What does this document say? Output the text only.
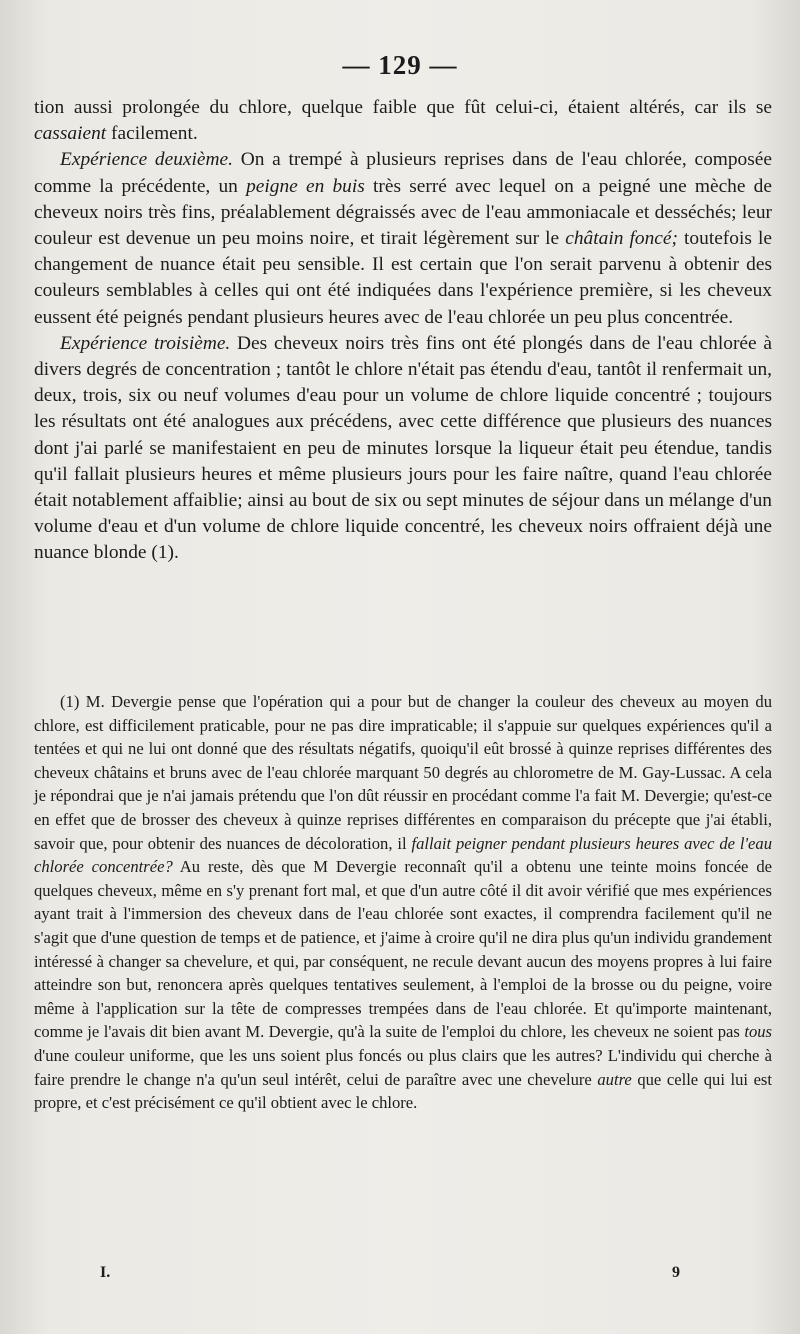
— 129 —

tion aussi prolongée du chlore, quelque faible que fût celui-ci, étaient altérés, car ils se cassaient facilement.

Expérience deuxième. On a trempé à plusieurs reprises dans de l'eau chlorée, composée comme la précédente, un peigne en buis très serré avec lequel on a peigné une mèche de cheveux noirs très fins, préalablement dégraissés avec de l'eau ammoniacale et desséchés; leur couleur est devenue un peu moins noire, et tirait légèrement sur le châtain foncé; toutefois le changement de nuance était peu sensible. Il est certain que l'on serait parvenu à obtenir des couleurs semblables à celles qui ont été indiquées dans l'expérience première, si les cheveux eussent été peignés pendant plusieurs heures avec de l'eau chlorée un peu plus concentrée.

Expérience troisième. Des cheveux noirs très fins ont été plongés dans de l'eau chlorée à divers degrés de concentration ; tantôt le chlore n'était pas étendu d'eau, tantôt il renfermait un, deux, trois, six ou neuf volumes d'eau pour un volume de chlore liquide concentré ; toujours les résultats ont été analogues aux précédens, avec cette différence que plusieurs des nuances dont j'ai parlé se manifestaient en peu de minutes lorsque la liqueur était peu étendue, tandis qu'il fallait plusieurs heures et même plusieurs jours pour les faire naître, quand l'eau chlorée était notablement affaiblie; ainsi au bout de six ou sept minutes de séjour dans un mélange d'un volume d'eau et d'un volume de chlore liquide concentré, les cheveux noirs offraient déjà une nuance blonde (1).

(1) M. Devergie pense que l'opération qui a pour but de changer la couleur des cheveux au moyen du chlore, est difficilement praticable, pour ne pas dire impraticable; il s'appuie sur quelques expériences qu'il a tentées et qui ne lui ont donné que des résultats négatifs, quoiqu'il eût brossé à quinze reprises différentes des cheveux châtains et bruns avec de l'eau chlorée marquant 50 degrés au chlorometre de M. Gay-Lussac. A cela je répondrai que je n'ai jamais prétendu que l'on dût réussir en procédant comme l'a fait M. Devergie; qu'est-ce en effet que de brosser des cheveux à quinze reprises différentes en comparaison du précepte que j'ai établi, savoir que, pour obtenir des nuances de décoloration, il fallait peigner pendant plusieurs heures avec de l'eau chlorée concentrée? Au reste, dès que M Devergie reconnaît qu'il a obtenu une teinte moins foncée de quelques cheveux, même en s'y prenant fort mal, et que d'un autre côté il dit avoir vérifié que mes expériences ayant trait à l'immersion des cheveux dans de l'eau chlorée sont exactes, il comprendra facilement qu'il ne s'agit que d'une question de temps et de patience, et j'aime à croire qu'il ne dira plus qu'un individu grandement intéressé à changer sa chevelure, et qui, par conséquent, ne recule devant aucun des moyens propres à lui faire atteindre son but, renoncera après quelques tentatives seulement, à l'emploi de la brosse ou du peigne, voire même à l'application sur la tête de compresses trempées dans de l'eau chlorée. Et qu'importe maintenant, comme je l'avais dit bien avant M. Devergie, qu'à la suite de l'emploi du chlore, les cheveux ne soient pas tous d'une couleur uniforme, que les uns soient plus foncés ou plus clairs que les autres? L'individu qui cherche à faire prendre le change n'a qu'un seul intérêt, celui de paraître avec une chevelure autre que celle qui lui est propre, et c'est précisément ce qu'il obtient avec le chlore.

I.	9
